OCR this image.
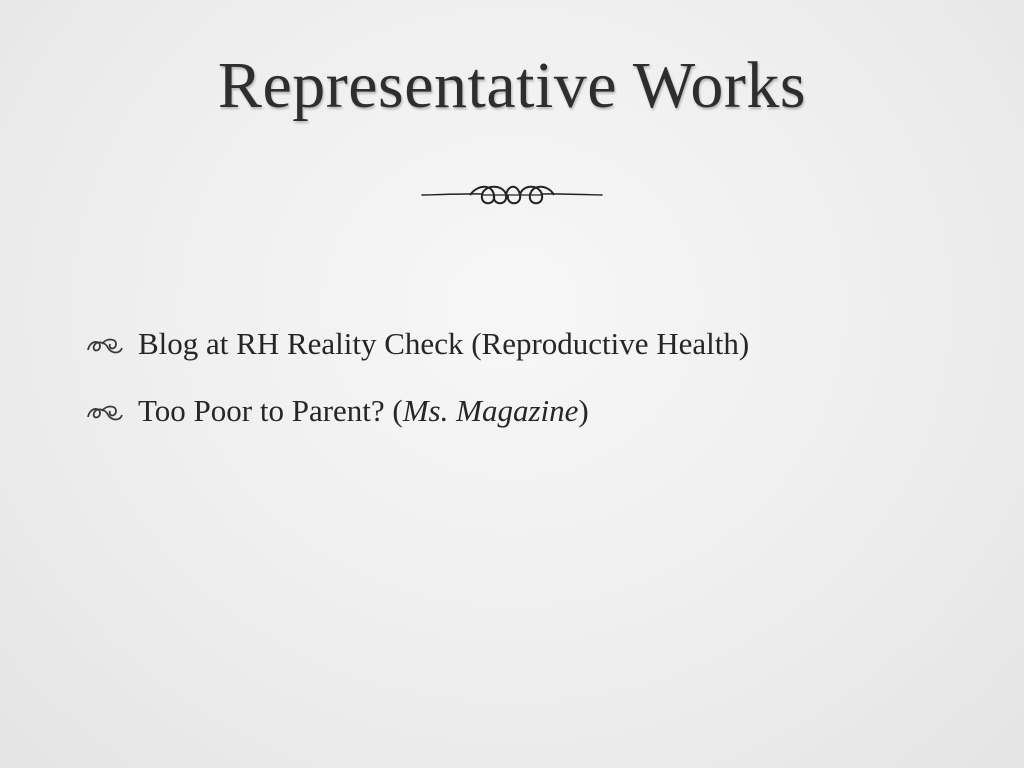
Representative Works
Blog at RH Reality Check (Reproductive Health)
Too Poor to Parent? (Ms. Magazine)
